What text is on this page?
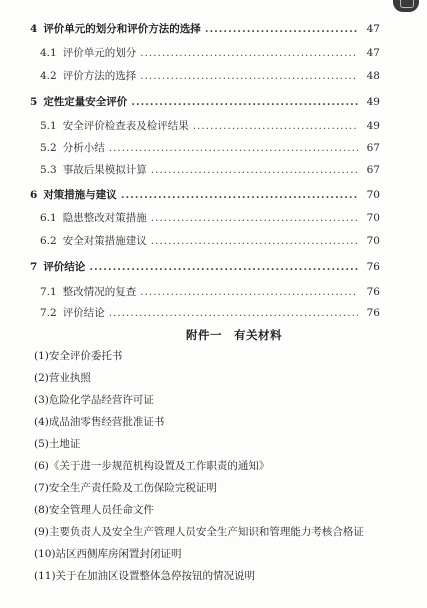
4 评价单元的划分和评价方法的选择 .....	47
4.1 评价单元的划分 .....	47
4.2 评价方法的选择 .....	48
5 定性定量安全评价 .....	49
5.1 安全评价检查表及检评结果 .....	49
5.2 分析小结 .....	67
5.3 事故后果模拟计算 .....	67
6 对策措施与建议 .....	70
6.1 隐患整改对策措施 .....	70
6.2 安全对策措施建议 .....	70
7 评价结论 .....	76
7.1 整改情况的复查 .....	76
7.2 评价结论 .....	76
附件一　有关材料
(1)安全评价委托书
(2)营业执照
(3)危险化学品经营许可证
(4)成品油零售经营批准证书
(5)土地证
(6)《关于进一步规范机构设置及工作职责的通知》
(7)安全生产责任险及工伤保险完税证明
(8)安全管理人员任命文件
(9)主要负责人及安全生产管理人员安全生产知识和管理能力考核合格证
(10)站区西侧库房闲置封闭证明
(11)关于在加油区设置整体急停按钮的情况说明
